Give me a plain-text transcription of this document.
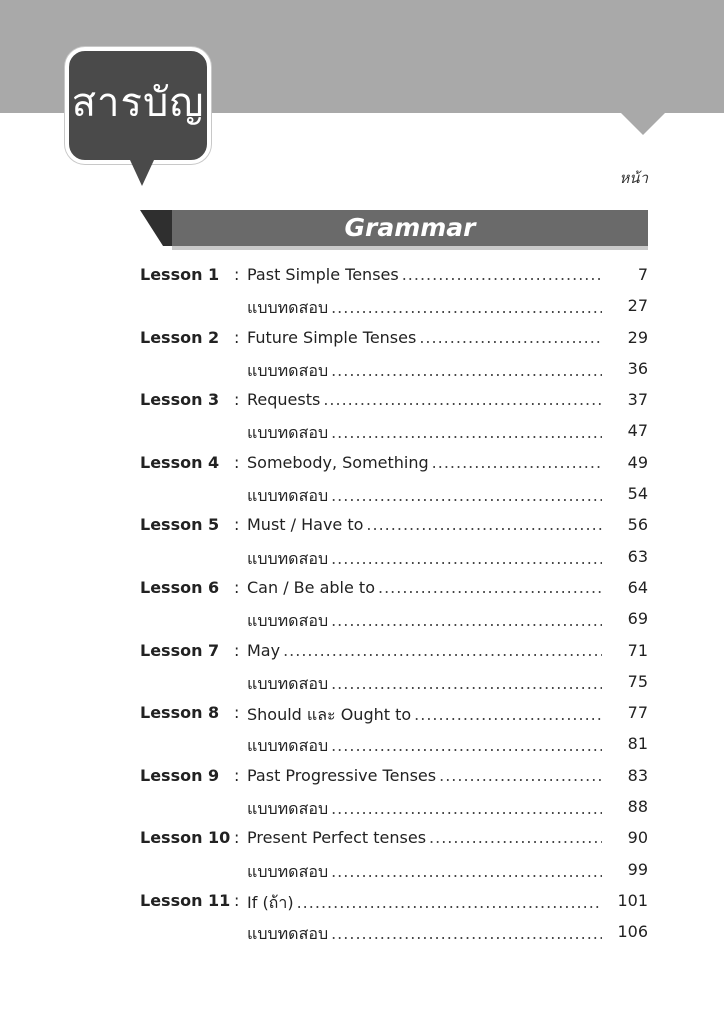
สารบัญ
หน้า
Grammar
Lesson 1 : Past Simple Tenses .....	7
แบบทดสอบ .....	27
Lesson 2 : Future Simple Tenses .....	29
แบบทดสอบ .....	36
Lesson 3 : Requests .....	37
แบบทดสอบ .....	47
Lesson 4 : Somebody, Something .....	49
แบบทดสอบ .....	54
Lesson 5 : Must / Have to .....	56
แบบทดสอบ .....	63
Lesson 6 : Can / Be able to .....	64
แบบทดสอบ .....	69
Lesson 7 : May .....	71
แบบทดสอบ .....	75
Lesson 8 : Should และ Ought to .....	77
แบบทดสอบ .....	81
Lesson 9 : Past Progressive Tenses .....	83
แบบทดสอบ .....	88
Lesson 10 : Present Perfect tenses .....	90
แบบทดสอบ .....	99
Lesson 11 : If (ถ้า) .....	101
แบบทดสอบ .....	106
